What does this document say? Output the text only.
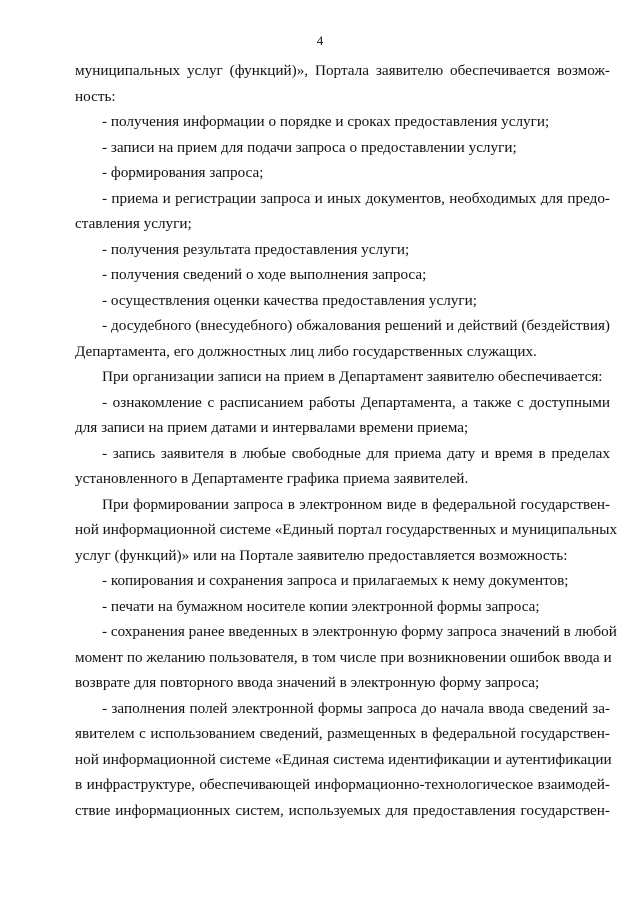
4
муниципальных услуг (функций)», Портала заявителю обеспечивается возмож-
ность:
- получения информации о порядке и сроках предоставления услуги;
- записи на прием для подачи запроса о предоставлении услуги;
- формирования запроса;
- приема и регистрации запроса и иных документов, необходимых для предо-
ставления услуги;
- получения результата предоставления услуги;
- получения сведений о ходе выполнения запроса;
- осуществления оценки качества предоставления услуги;
- досудебного (внесудебного) обжалования решений и действий (бездействия)
Департамента, его должностных лиц либо государственных служащих.
При организации записи на прием в Департамент заявителю обеспечивается:
- ознакомление с расписанием работы Департамента, а также с доступными
для записи на прием датами и интервалами времени приема;
- запись заявителя в любые свободные для приема дату и время в пределах
установленного в Департаменте графика приема заявителей.
При формировании запроса в электронном виде в федеральной государствен-
ной информационной системе «Единый портал государственных и муниципальных
услуг (функций)» или на Портале заявителю предоставляется возможность:
- копирования и сохранения запроса и прилагаемых к нему документов;
- печати на бумажном носителе копии электронной формы запроса;
- сохранения ранее введенных в электронную форму запроса значений в любой
момент по желанию пользователя, в том числе при возникновении ошибок ввода и
возврате для повторного ввода значений в электронную форму запроса;
- заполнения полей электронной формы запроса до начала ввода сведений за-
явителем с использованием сведений, размещенных в федеральной государствен-
ной информационной системе «Единая система идентификации и аутентификации
в инфраструктуре, обеспечивающей информационно-технологическое взаимодей-
ствие информационных систем, используемых для предоставления государствен-
